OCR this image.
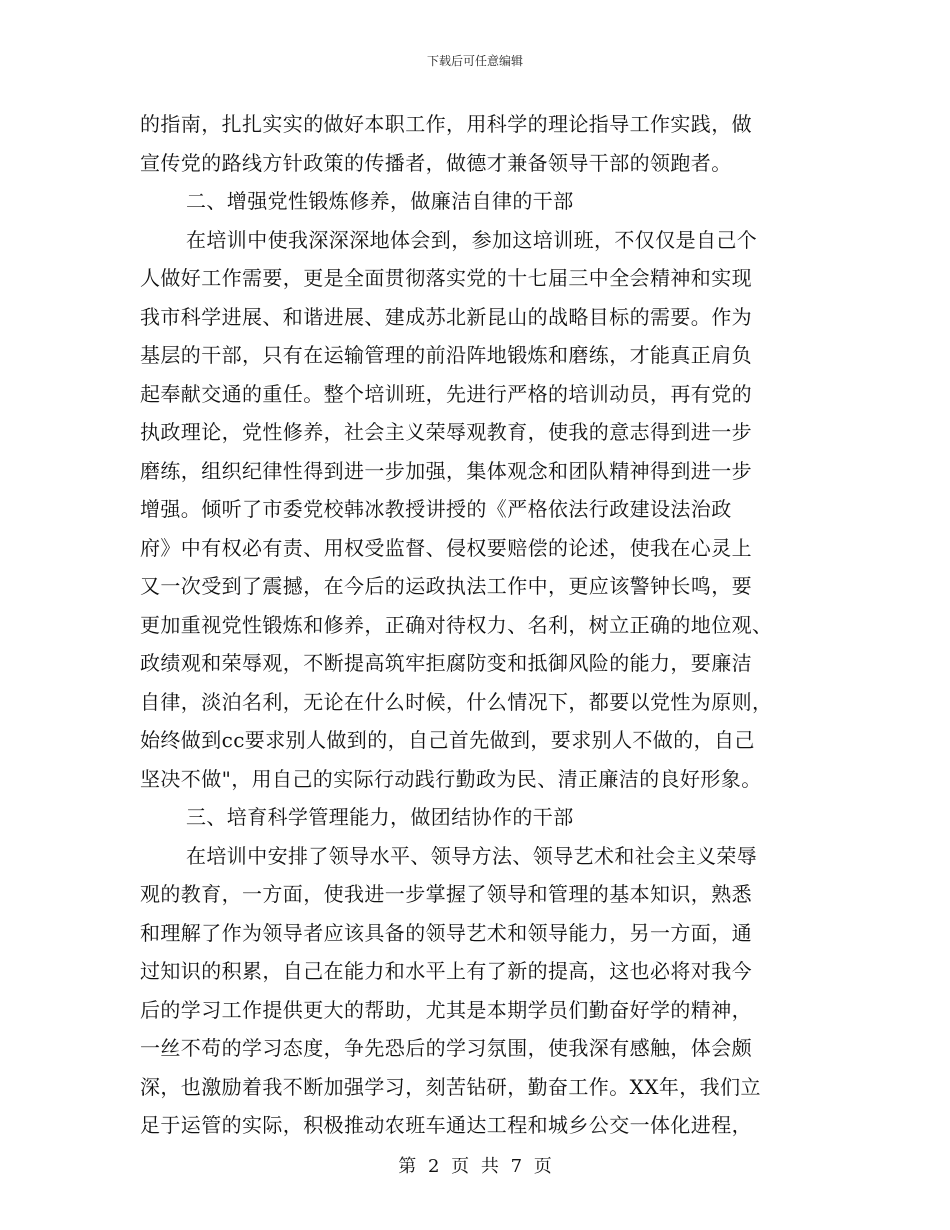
下载后可任意编辑
的指南，扎扎实实的做好本职工作，用科学的理论指导工作实践，做
宣传党的路线方针政策的传播者，做德才兼备领导干部的领跑者。
二、增强党性锻炼修养，做廉洁自律的干部
在培训中使我深深深地体会到，参加这培训班，不仅仅是自己个
人做好工作需要，更是全面贯彻落实党的十七届三中全会精神和实现
我市科学进展、和谐进展、建成苏北新昆山的战略目标的需要。作为
基层的干部，只有在运输管理的前沿阵地锻炼和磨练，才能真正肩负
起奉献交通的重任。整个培训班，先进行严格的培训动员，再有党的
执政理论，党性修养，社会主义荣辱观教育，使我的意志得到进一步
磨练，组织纪律性得到进一步加强，集体观念和团队精神得到进一步
增强。倾听了市委党校韩冰教授讲授的《严格依法行政建设法治政
府》中有权必有责、用权受监督、侵权要赔偿的论述，使我在心灵上
又一次受到了震撼，在今后的运政执法工作中，更应该警钟长鸣，要
更加重视党性锻炼和修养，正确对待权力、名利，树立正确的地位观、
政绩观和荣辱观，不断提高筑牢拒腐防变和抵御风险的能力，要廉洁
自律，淡泊名利，无论在什么时候，什么情况下，都要以党性为原则，
始终做到cc要求别人做到的，自己首先做到，要求别人不做的，自己
坚决不做"，用自己的实际行动践行勤政为民、清正廉洁的良好形象。
三、培育科学管理能力，做团结协作的干部
在培训中安排了领导水平、领导方法、领导艺术和社会主义荣辱
观的教育，一方面，使我进一步掌握了领导和管理的基本知识，熟悉
和理解了作为领导者应该具备的领导艺术和领导能力，另一方面，通
过知识的积累，自己在能力和水平上有了新的提高，这也必将对我今
后的学习工作提供更大的帮助，尤其是本期学员们勤奋好学的精神，
一丝不苟的学习态度，争先恐后的学习氛围，使我深有感触，体会颇
深，也激励着我不断加强学习，刻苦钻研，勤奋工作。XX年，我们立
足于运管的实际，积极推动农班车通达工程和城乡公交一体化进程，
第 2 页 共 7 页
